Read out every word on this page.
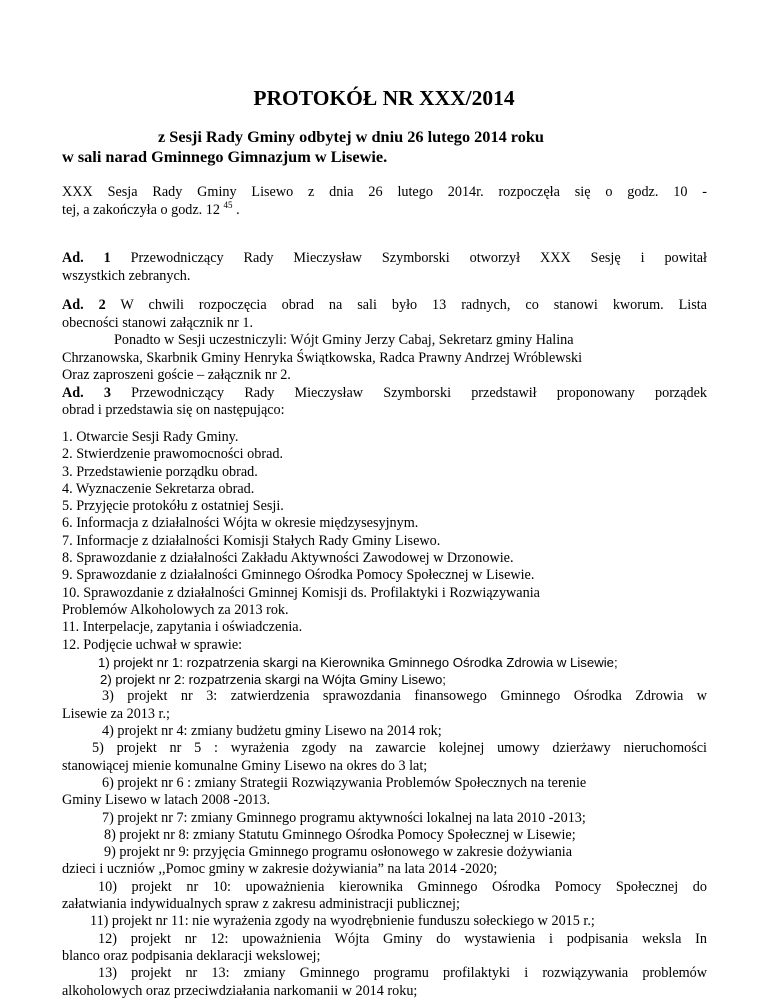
PROTOKÓŁ NR XXX/2014
z Sesji Rady Gminy odbytej w dniu 26 lutego 2014 roku
w sali narad Gminnego Gimnazjum w Lisewie.
XXX Sesja Rady Gminy Lisewo z dnia 26 lutego 2014r. rozpoczęła się o godz. 10 -
tej, a zakończyła o godz. 12 $^{45}$ .
Ad. 1 Przewodniczący Rady Mieczysław Szymborski otworzył XXX Sesję i powitał
wszystkich zebranych.
Ad. 2 W chwili rozpoczęcia obrad na sali było 13 radnych, co stanowi kworum. Lista
obecności stanowi załącznik nr 1.
Ponadto w Sesji uczestniczyli: Wójt Gminy Jerzy Cabaj, Sekretarz gminy Halina
Chrzanowska, Skarbnik Gminy Henryka Świątkowska, Radca Prawny Andrzej Wróblewski
Oraz zaproszeni goście – załącznik nr 2.
Ad. 3 Przewodniczący Rady Mieczysław Szymborski przedstawił proponowany porządek
obrad i przedstawia się on następująco:
1. Otwarcie Sesji Rady Gminy.
2. Stwierdzenie prawomocności obrad.
3. Przedstawienie porządku obrad.
4. Wyznaczenie Sekretarza obrad.
5. Przyjęcie protokółu z ostatniej Sesji.
6. Informacja z działalności Wójta w okresie międzysesyjnym.
7. Informacje z działalności Komisji Stałych Rady Gminy Lisewo.
8. Sprawozdanie z działalności Zakładu Aktywności Zawodowej w Drzonowie.
9. Sprawozdanie z działalności Gminnego Ośrodka Pomocy Społecznej w Lisewie.
10. Sprawozdanie z działalności Gminnej Komisji ds. Profilaktyki i Rozwiązywania
Problemów Alkoholowych za 2013 rok.
11. Interpelacje, zapytania i oświadczenia.
12. Podjęcie uchwał w sprawie:
1) projekt nr 1: rozpatrzenia skargi na Kierownika Gminnego Ośrodka Zdrowia w Lisewie;
2) projekt nr 2: rozpatrzenia skargi na Wójta Gminy Lisewo;
3) projekt nr 3: zatwierdzenia sprawozdania finansowego Gminnego Ośrodka Zdrowia w
Lisewie za 2013 r.;
4) projekt nr 4: zmiany budżetu gminy Lisewo na 2014 rok;
5) projekt nr 5 : wyrażenia zgody na zawarcie kolejnej umowy dzierżawy nieruchomości
stanowiącej mienie komunalne Gminy Lisewo na okres do 3 lat;
6) projekt nr 6 : zmiany Strategii Rozwiązywania Problemów Społecznych na terenie
Gminy Lisewo w latach 2008 -2013.
7) projekt nr 7: zmiany Gminnego programu aktywności lokalnej na lata 2010 -2013;
8) projekt nr 8: zmiany Statutu Gminnego Ośrodka Pomocy Społecznej w Lisewie;
9) projekt nr 9: przyjęcia Gminnego programu osłonowego w zakresie dożywiania
dzieci i uczniów ,,Pomoc gminy w zakresie dożywiania” na lata 2014 -2020;
10) projekt nr 10: upoważnienia kierownika Gminnego Ośrodka Pomocy Społecznej do
załatwiania indywidualnych spraw z zakresu administracji publicznej;
11) projekt nr 11: nie wyrażenia zgody na wyodrębnienie funduszu sołeckiego w 2015 r.;
12) projekt nr 12: upoważnienia Wójta Gminy do wystawienia i podpisania weksla In
blanco oraz podpisania deklaracji wekslowej;
13) projekt nr 13: zmiany Gminnego programu profilaktyki i rozwiązywania problemów
alkoholowych oraz przeciwdziałania narkomanii w 2014 roku;
